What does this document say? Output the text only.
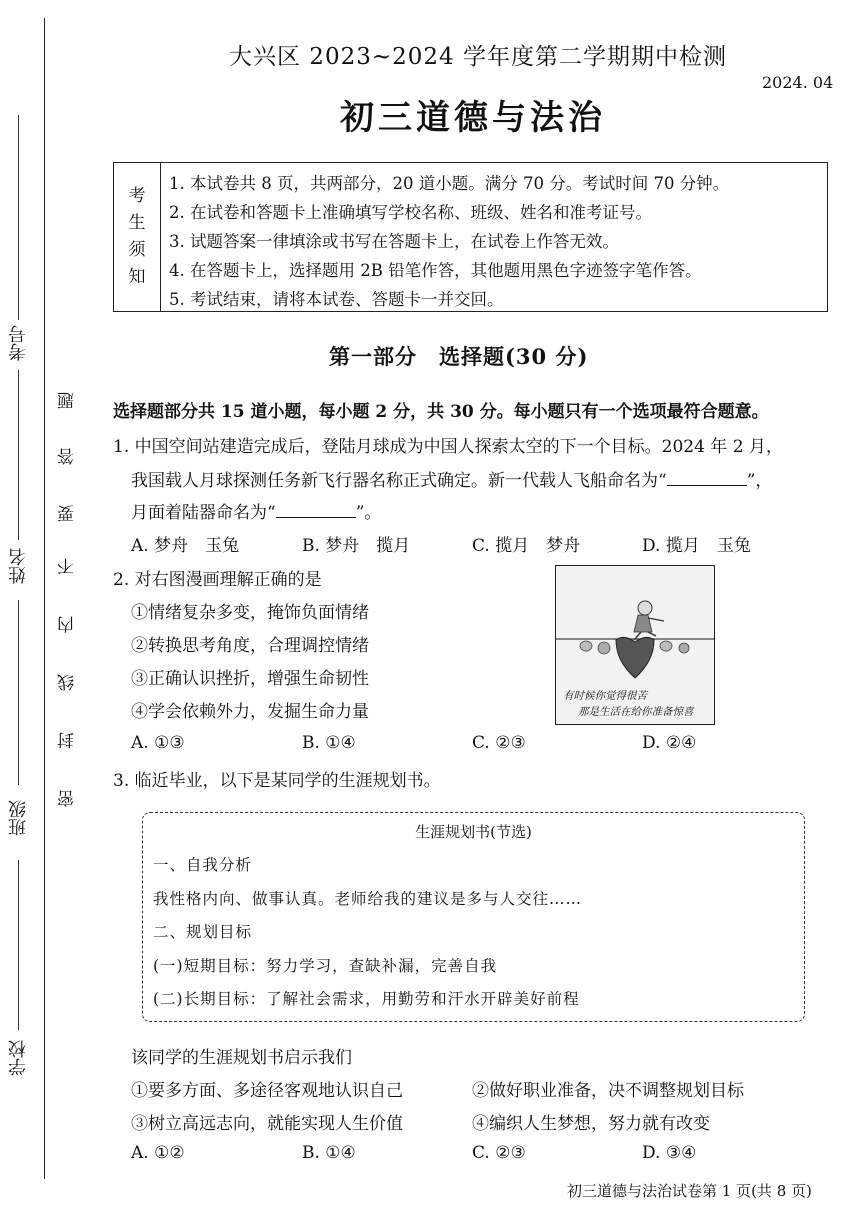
考号
姓名
班级
学校
密
封
线
内
不
要
答
题
大兴区 2023~2024 学年度第二学期期中检测
2024. 04
初三道德与法治
考
生
须
知
1. 本试卷共 8 页，共两部分，20 道小题。满分 70 分。考试时间 70 分钟。
2. 在试卷和答题卡上准确填写学校名称、班级、姓名和准考证号。
3. 试题答案一律填涂或书写在答题卡上，在试卷上作答无效。
4. 在答题卡上，选择题用 2B 铅笔作答，其他题用黑色字迹签字笔作答。
5. 考试结束，请将本试卷、答题卡一并交回。
第一部分　选择题(30 分)
选择题部分共 15 道小题，每小题 2 分，共 30 分。每小题只有一个选项最符合题意。
1. 中国空间站建造完成后，登陆月球成为中国人探索太空的下一个目标。2024 年 2 月，
我国载人月球探测任务新飞行器名称正式确定。新一代载人飞船命名为“	”，
月面着陆器命名为“	”。
A. 梦舟　玉兔	B. 梦舟　揽月	C. 揽月　梦舟	D. 揽月　玉兔
2. 对右图漫画理解正确的是
①情绪复杂多变，掩饰负面情绪
②转换思考角度，合理调控情绪
③正确认识挫折，增强生命韧性
④学会依赖外力，发掘生命力量
A. ①③	B. ①④	C. ②③	D. ②④
有时候你觉得很苦
那是生活在给你准备惊喜
3. 临近毕业，以下是某同学的生涯规划书。
生涯规划书(节选)
一、自我分析
我性格内向、做事认真。老师给我的建议是多与人交往……
二、规划目标
(一)短期目标：努力学习，查缺补漏，完善自我
(二)长期目标：了解社会需求，用勤劳和汗水开辟美好前程
该同学的生涯规划书启示我们
①要多方面、多途径客观地认识自己	②做好职业准备，决不调整规划目标
③树立高远志向，就能实现人生价值	④编织人生梦想，努力就有改变
A. ①②	B. ①④	C. ②③	D. ③④
初三道德与法治试卷第 1 页(共 8 页)
